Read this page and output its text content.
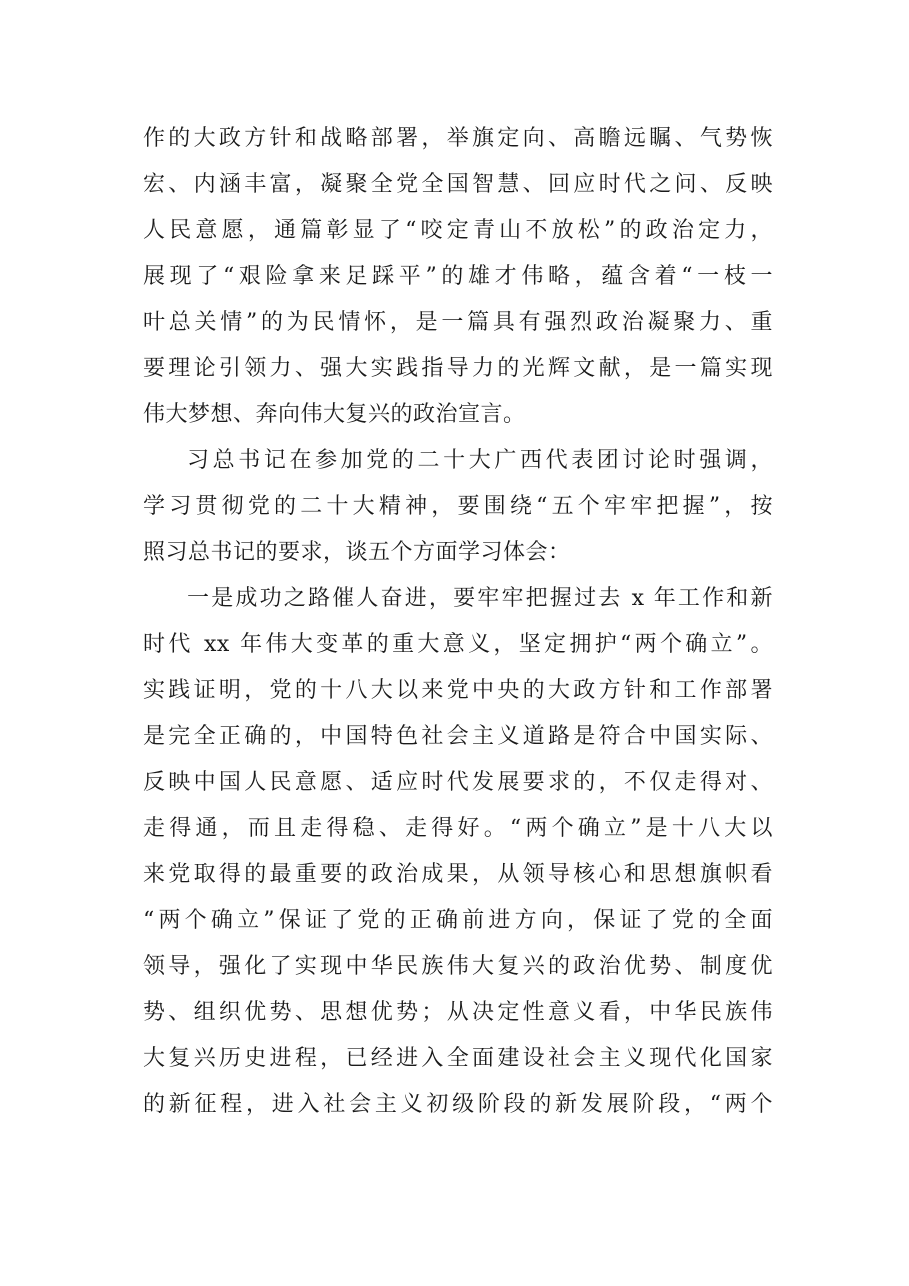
作的大政方针和战略部署，举旗定向、高瞻远瞩、气势恢
宏、内涵丰富，凝聚全党全国智慧、回应时代之问、反映
人民意愿，通篇彰显了“咬定青山不放松”的政治定力，
展现了“艰险拿来足踩平”的雄才伟略，蕴含着“一枝一
叶总关情”的为民情怀，是一篇具有强烈政治凝聚力、重
要理论引领力、强大实践指导力的光辉文献，是一篇实现
伟大梦想、奔向伟大复兴的政治宣言。
习总书记在参加党的二十大广西代表团讨论时强调，
学习贯彻党的二十大精神，要围绕“五个牢牢把握”，按
照习总书记的要求，谈五个方面学习体会：
一是成功之路催人奋进，要牢牢把握过去 x 年工作和新
时代 xx 年伟大变革的重大意义，坚定拥护“两个确立”。
实践证明，党的十八大以来党中央的大政方针和工作部署
是完全正确的，中国特色社会主义道路是符合中国实际、
反映中国人民意愿、适应时代发展要求的，不仅走得对、
走得通，而且走得稳、走得好。“两个确立”是十八大以
来党取得的最重要的政治成果，从领导核心和思想旗帜看
“两个确立”保证了党的正确前进方向，保证了党的全面
领导，强化了实现中华民族伟大复兴的政治优势、制度优
势、组织优势、思想优势；从决定性意义看，中华民族伟
大复兴历史进程，已经进入全面建设社会主义现代化国家
的新征程，进入社会主义初级阶段的新发展阶段，“两个
